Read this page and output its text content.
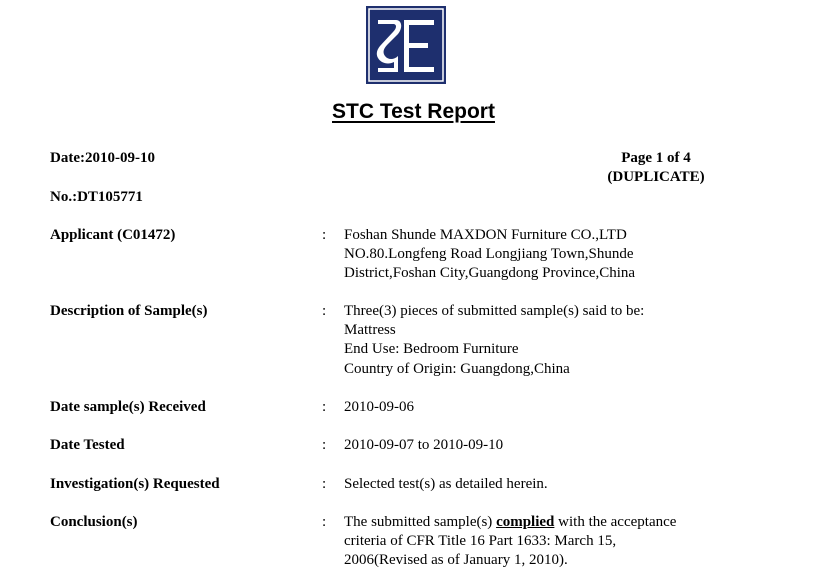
STC Test Report
Date:2010-09-10
No.:DT105771
Page 1 of 4
(DUPLICATE)
Applicant (C01472)	: Foshan Shunde MAXDON Furniture CO.,LTD
NO.80.Longfeng Road Longjiang Town,Shunde
District,Foshan City,Guangdong Province,China
Description of Sample(s)	: Three(3) pieces of submitted sample(s) said to be:
Mattress
End Use: Bedroom Furniture
Country of Origin: Guangdong,China
Date sample(s) Received	: 2010-09-06
Date Tested	: 2010-09-07 to 2010-09-10
Investigation(s) Requested	: Selected test(s) as detailed herein.
Conclusion(s)	: The submitted sample(s) complied with the acceptance
criteria of CFR Title 16 Part 1633: March 15,
2006(Revised as of January 1, 2010).
